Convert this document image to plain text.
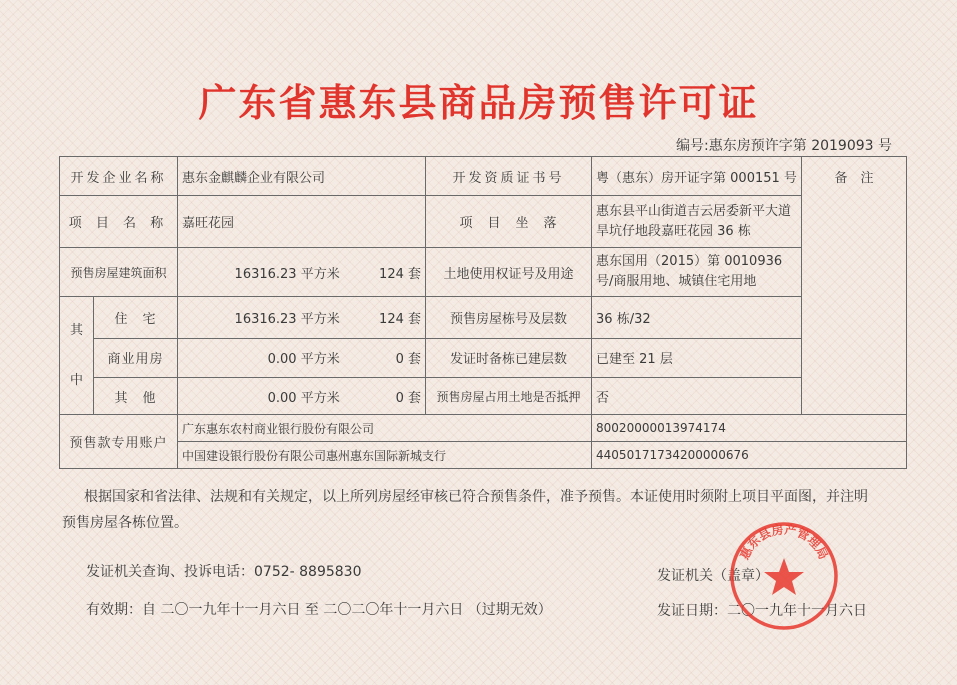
广东省惠东县商品房预售许可证
编号:惠东房预许字第 2019093 号
开发企业名称		惠东金麒麟企业有限公司	开发资质证书号	粤（惠东）房开证字第 000151 号	备　注
项 目 名 称		嘉旺花园	项　目　坐　落	惠东县平山街道吉云居委新平大道旱坑仔地段嘉旺花园 36 栋	
预售房屋建筑面积		16316.23 平方米 124 套	土地使用权证号及用途	惠东国用（2015）第 0010936 号/商服用地、城镇住宅用地	

其
中	住　宅	16316.23 平方米 124 套	预售房屋栋号及层数	36 栋/32	
	商业用房	0.00 平方米 0 套	发证时备栋已建层数	已建至 21 层	
	其　他	0.00 平方米 0 套	预售房屋占用土地是否抵押	否	
预售款专用账户		广东惠东农村商业银行股份有限公司		80020000013974174	
		中国建设银行股份有限公司惠州惠东国际新城支行		44050171734200000676	
根据国家和省法律、法规和有关规定，以上所列房屋经审核已符合预售条件，准予预售。本证使用时须附上项目平面图，并注明
预售房屋各栋位置。
发证机关查询、投诉电话：0752- 8895830
有效期：自 二〇一九年十一月六日 至 二〇二〇年十一月六日 （过期无效）
发证机关（盖章）
发证日期：二〇一九年十一月六日
惠东县房产管理局
